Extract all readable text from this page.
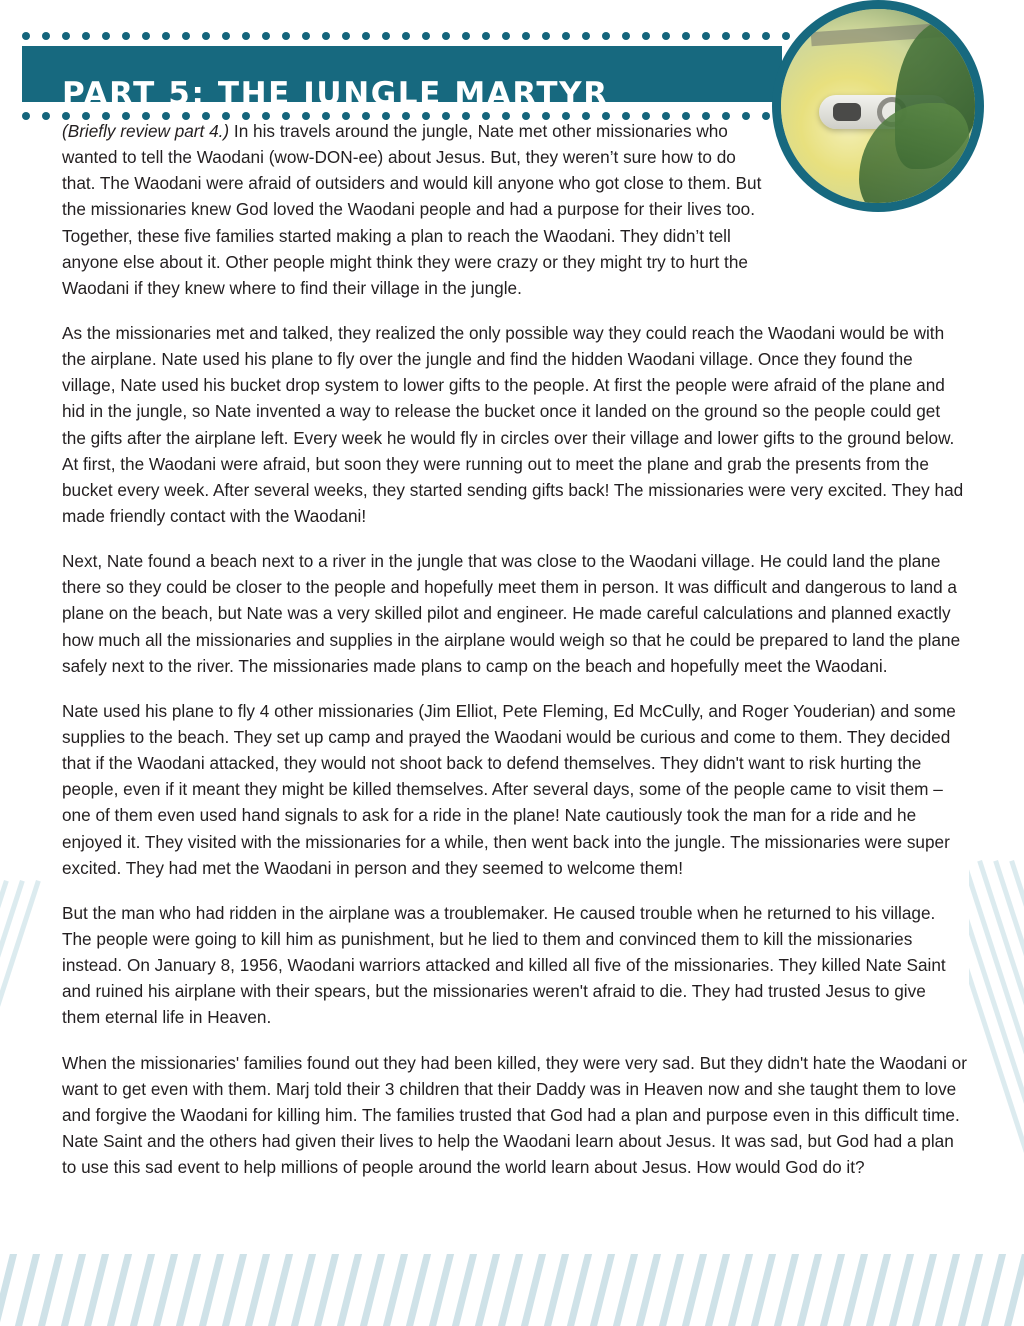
PART 5: THE JUNGLE MARTYR

(Briefly review part 4.) In his travels around the jungle, Nate met other missionaries who wanted to tell the Waodani (wow-DON-ee) about Jesus. But, they weren’t sure how to do that. The Waodani were afraid of outsiders and would kill anyone who got close to them. But the missionaries knew God loved the Waodani people and had a purpose for their lives too. Together, these five families started making a plan to reach the Waodani. They didn’t tell anyone else about it. Other people might think they were crazy or they might try to hurt the Waodani if they knew where to find their village in the jungle.

As the missionaries met and talked, they realized the only possible way they could reach the Waodani would be with the airplane. Nate used his plane to fly over the jungle and find the hidden Waodani village. Once they found the village, Nate used his bucket drop system to lower gifts to the people. At first the people were afraid of the plane and hid in the jungle, so Nate invented a way to release the bucket once it landed on the ground so the people could get the gifts after the airplane left. Every week he would fly in circles over their village and lower gifts to the ground below. At first, the Waodani were afraid, but soon they were running out to meet the plane and grab the presents from the bucket every week. After several weeks, they started sending gifts back! The missionaries were very excited. They had made friendly contact with the Waodani!

Next, Nate found a beach next to a river in the jungle that was close to the Waodani village. He could land the plane there so they could be closer to the people and hopefully meet them in person. It was difficult and dangerous to land a plane on the beach, but Nate was a very skilled pilot and engineer. He made careful calculations and planned exactly how much all the missionaries and supplies in the airplane would weigh so that he could be prepared to land the plane safely next to the river. The missionaries made plans to camp on the beach and hopefully meet the Waodani.

Nate used his plane to fly 4 other missionaries (Jim Elliot, Pete Fleming, Ed McCully, and Roger Youderian) and some supplies to the beach. They set up camp and prayed the Waodani would be curious and come to them. They decided that if the Waodani attacked, they would not shoot back to defend themselves. They didn't want to risk hurting the people, even if it meant they might be killed themselves. After several days, some of the people came to visit them – one of them even used hand signals to ask for a ride in the plane! Nate cautiously took the man for a ride and he enjoyed it. They visited with the missionaries for a while, then went back into the jungle. The missionaries were super excited. They had met the Waodani in person and they seemed to welcome them!

But the man who had ridden in the airplane was a troublemaker. He caused trouble when he returned to his village. The people were going to kill him as punishment, but he lied to them and convinced them to kill the missionaries instead. On January 8, 1956, Waodani warriors attacked and killed all five of the missionaries. They killed Nate Saint and ruined his airplane with their spears, but the missionaries weren't afraid to die. They had trusted Jesus to give them eternal life in Heaven.

When the missionaries' families found out they had been killed, they were very sad. But they didn't hate the Waodani or want to get even with them. Marj told their 3 children that their Daddy was in Heaven now and she taught them to love and forgive the Waodani for killing him. The families trusted that God had a plan and purpose even in this difficult time. Nate Saint and the others had given their lives to help the Waodani learn about Jesus. It was sad, but God had a plan to use this sad event to help millions of people around the world learn about Jesus. How would God do it?
